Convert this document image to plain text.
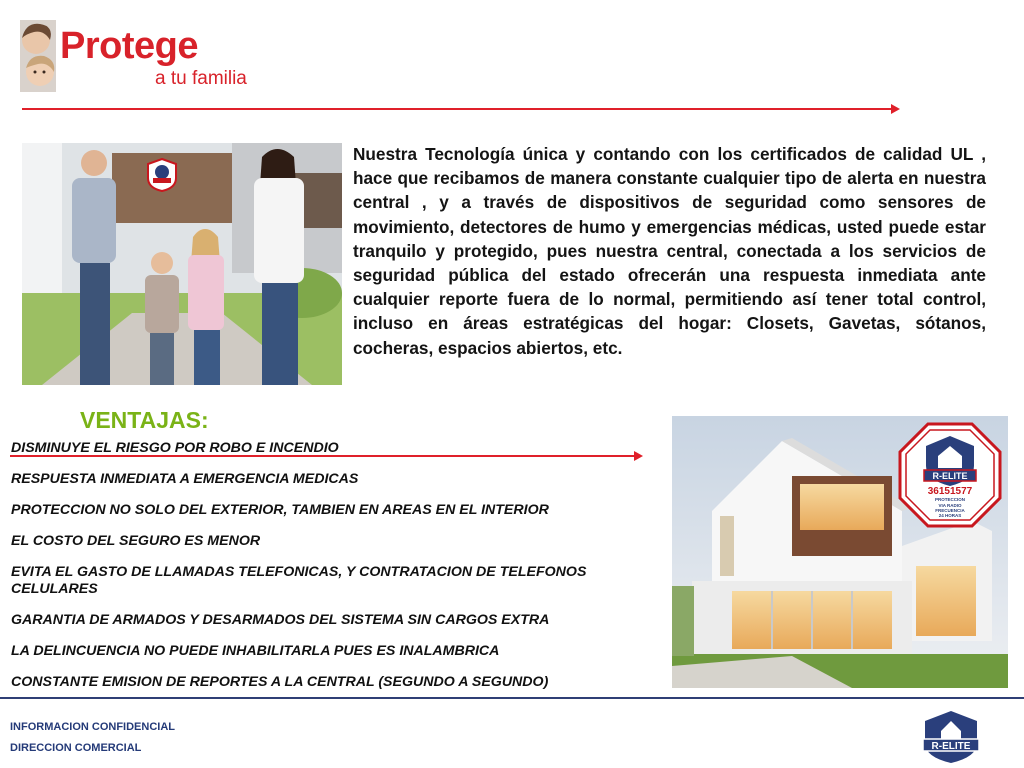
Protege
a tu familia
Nuestra Tecnología única y contando con los certificados de calidad UL , hace que recibamos de manera constante cualquier tipo de alerta en nuestra central , y a través de dispositivos de seguridad como sensores de movimiento, detectores de humo y emergencias médicas, usted puede estar tranquilo y protegido, pues nuestra central, conectada a los servicios de seguridad pública del estado ofrecerán una respuesta inmediata ante cualquier reporte fuera de lo normal, permitiendo así tener total control, incluso en áreas estratégicas del hogar: Closets, Gavetas, sótanos, cocheras, espacios abiertos, etc.
VENTAJAS:
DISMINUYE EL RIESGO POR ROBO E INCENDIO
RESPUESTA INMEDIATA A EMERGENCIA MEDICAS
PROTECCION NO SOLO DEL EXTERIOR, TAMBIEN EN AREAS EN EL INTERIOR
EL COSTO DEL SEGURO ES MENOR
EVITA EL GASTO DE LLAMADAS TELEFONICAS, Y CONTRATACION DE TELEFONOS CELULARES
GARANTIA DE ARMADOS Y DESARMADOS DEL SISTEMA SIN CARGOS EXTRA
LA DELINCUENCIA NO PUEDE INHABILITARLA PUES ES INALAMBRICA
CONSTANTE EMISION DE REPORTES A LA CENTRAL (SEGUNDO A SEGUNDO)
R-ELITE
36151577
PROTECCION
VIA RADIO
FRECUENCIA
24 HORAS
INFORMACION CONFIDENCIAL
DIRECCION COMERCIAL	R-ELITE
